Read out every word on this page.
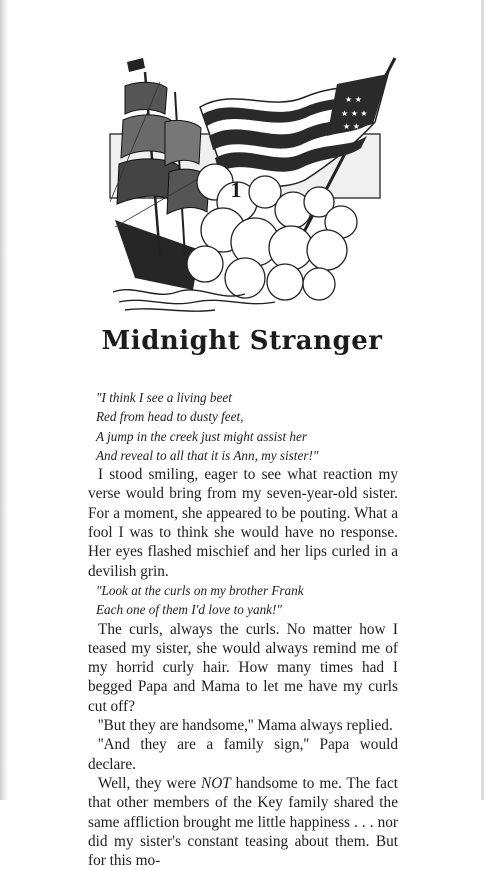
★ ★
★ ★ ★
★ ★
1
Midnight Stranger

"I think I see a living beet

Red from head to dusty feet,

A jump in the creek just might assist her

And reveal to all that it is Ann, my sister!"

I stood smiling, eager to see what reaction my verse would bring from my seven-year-old sister. For a moment, she appeared to be pouting. What a fool I was to think she would have no response. Her eyes flashed mischief and her lips curled in a devilish grin.

"Look at the curls on my brother Frank

Each one of them I'd love to yank!"

The curls, always the curls. No matter how I teased my sister, she would always remind me of my horrid curly hair. How many times had I begged Papa and Mama to let me have my curls cut off?

''But they are handsome,'' Mama always replied.

''And they are a family sign,'' Papa would declare.

Well, they were NOT handsome to me. The fact that other members of the Key family shared the same affliction brought me little happiness . . . nor did my sister's constant teasing about them. But for this mo-
